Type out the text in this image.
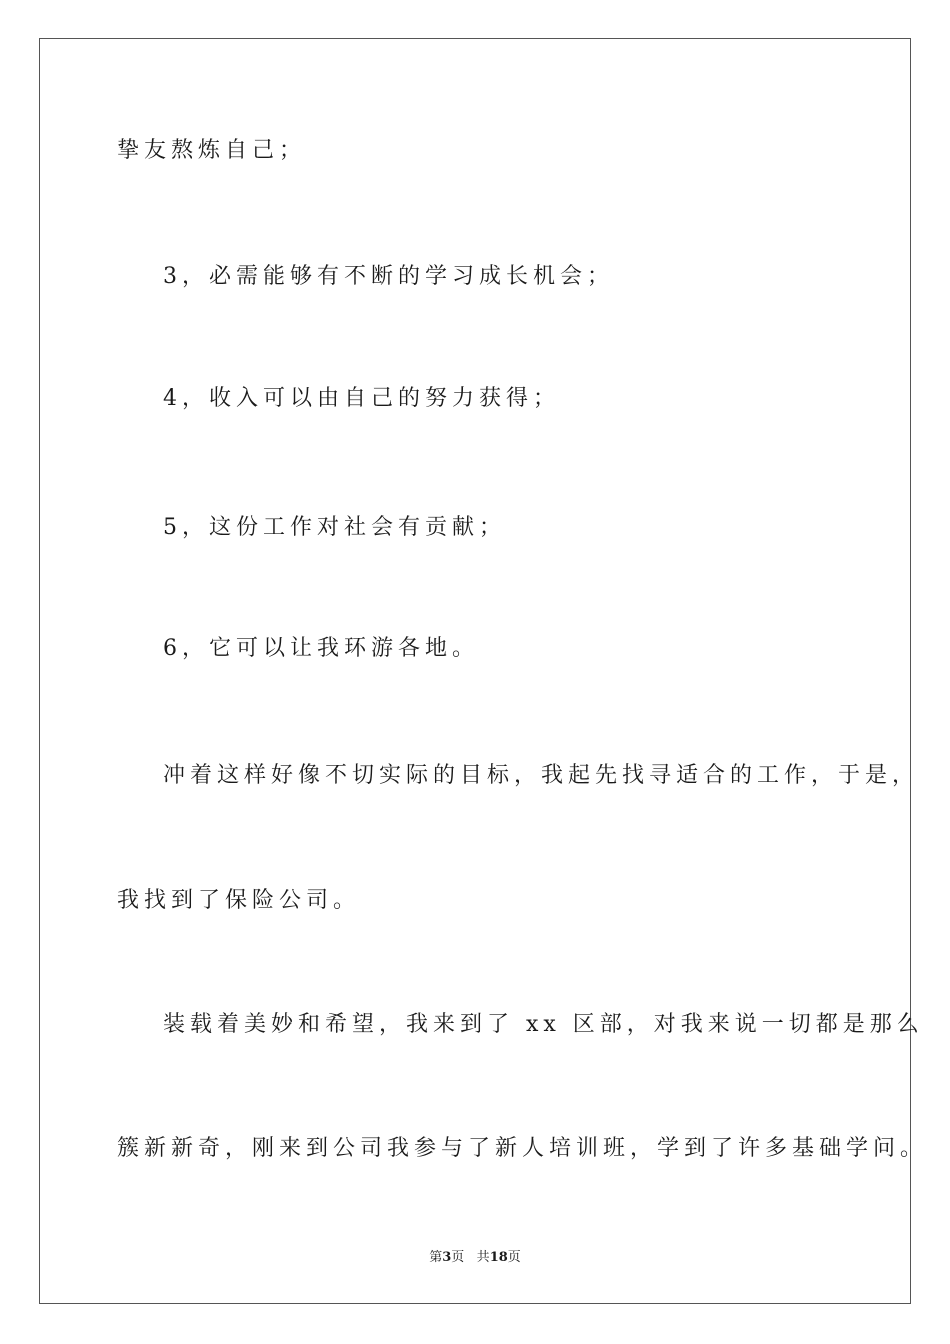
挚友熬炼自己；
3，必需能够有不断的学习成长机会；
4，收入可以由自己的努力获得；
5，这份工作对社会有贡献；
6，它可以让我环游各地。
冲着这样好像不切实际的目标，我起先找寻适合的工作，于是，
我找到了保险公司。
装载着美妙和希望，我来到了 xx 区部，对我来说一切都是那么
簇新新奇，刚来到公司我参与了新人培训班，学到了许多基础学问。
第3页 共18页
